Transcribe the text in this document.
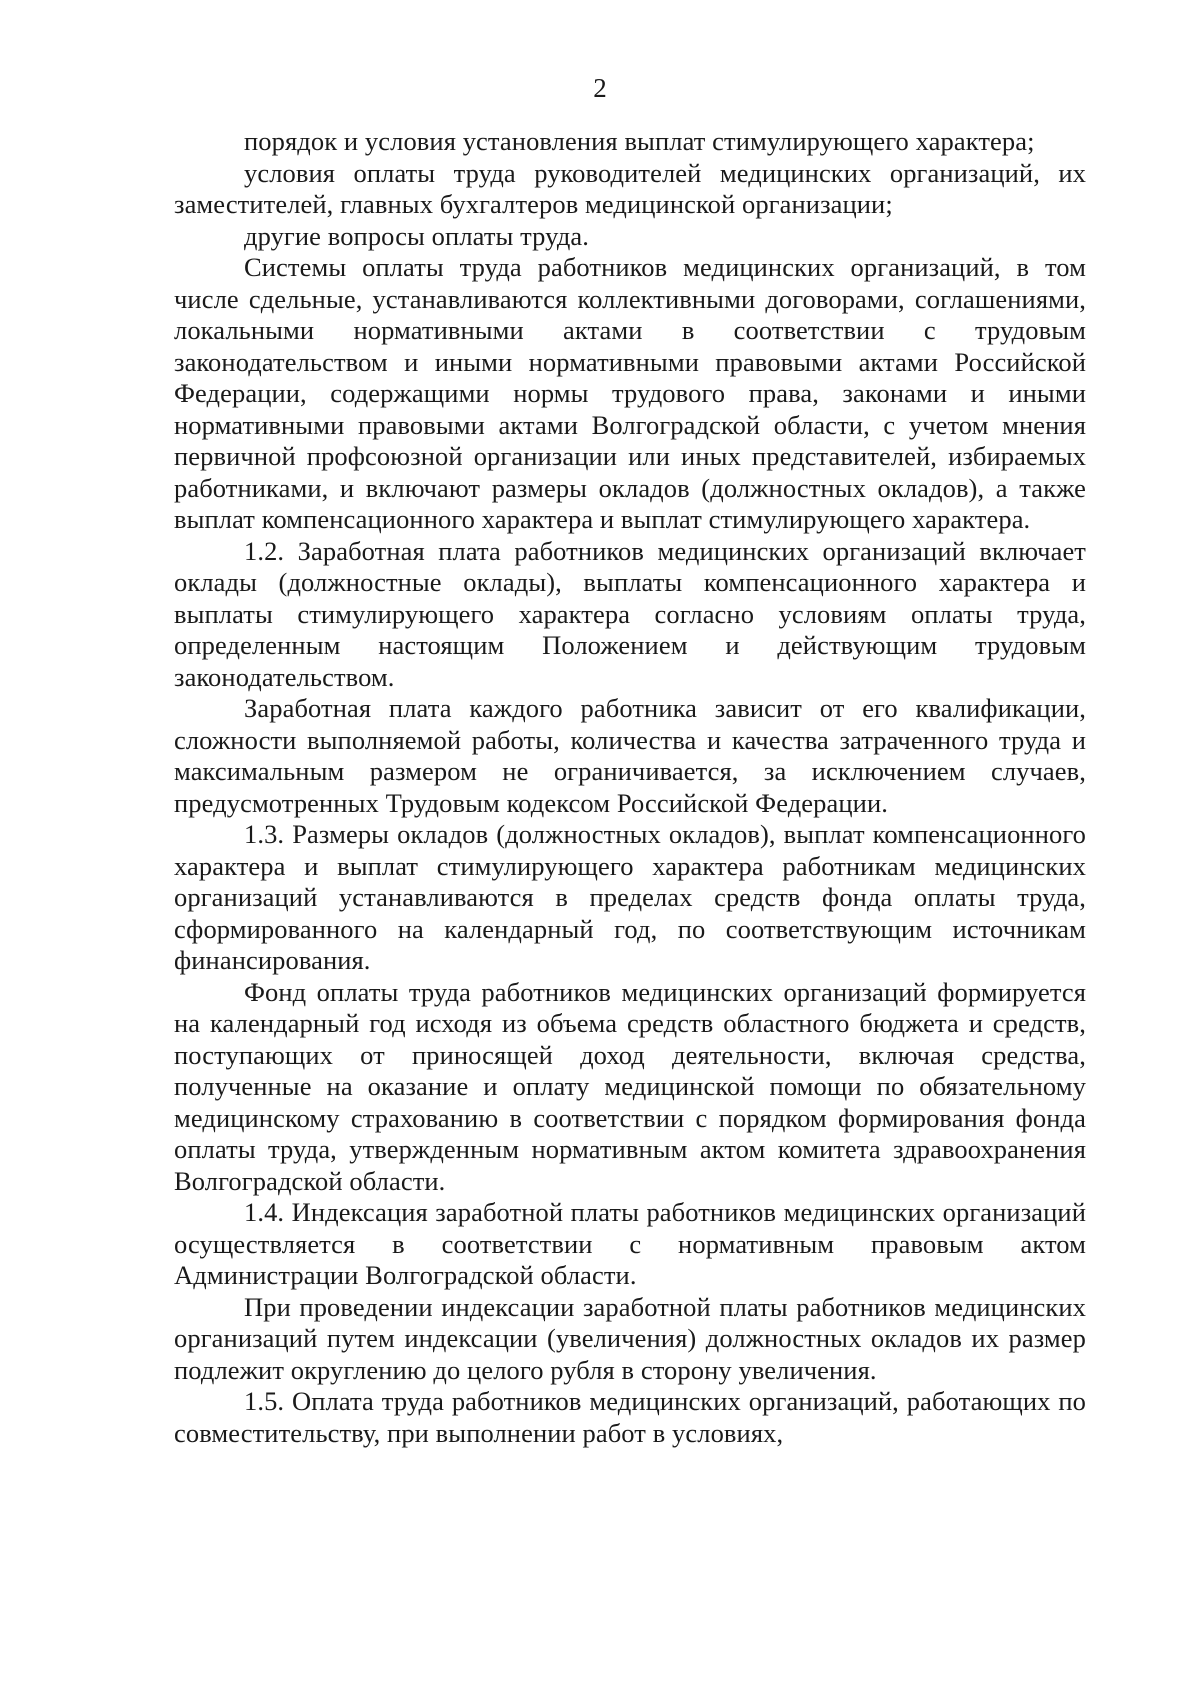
2

порядок и условия установления выплат стимулирующего характера;

условия оплаты труда руководителей медицинских организаций, их заместителей, главных бухгалтеров медицинской организации;

другие вопросы оплаты труда.

Системы оплаты труда работников медицинских организаций, в том числе сдельные, устанавливаются коллективными договорами, соглашениями, локальными нормативными актами в соответствии с трудовым законодательством и иными нормативными правовыми актами Российской Федерации, содержащими нормы трудового права, законами и иными нормативными правовыми актами Волгоградской области, с учетом мнения первичной профсоюзной организации или иных представителей, избираемых работниками, и включают размеры окладов (должностных окладов), а также выплат компенсационного характера и выплат стимулирующего характера.

1.2. Заработная плата работников медицинских организаций включает оклады (должностные оклады), выплаты компенсационного характера и выплаты стимулирующего характера согласно условиям оплаты труда, определенным настоящим Положением и действующим трудовым законодательством.

Заработная плата каждого работника зависит от его квалификации, сложности выполняемой работы, количества и качества затраченного труда и максимальным размером не ограничивается, за исключением случаев, предусмотренных Трудовым кодексом Российской Федерации.

1.3. Размеры окладов (должностных окладов), выплат компенсационного характера и выплат стимулирующего характера работникам медицинских организаций устанавливаются в пределах средств фонда оплаты труда, сформированного на календарный год, по соответствующим источникам финансирования.

Фонд оплаты труда работников медицинских организаций формируется на календарный год исходя из объема средств областного бюджета и средств, поступающих от приносящей доход деятельности, включая средства, полученные на оказание и оплату медицинской помощи по обязательному медицинскому страхованию в соответствии с порядком формирования фонда оплаты труда, утвержденным нормативным актом комитета здравоохранения Волгоградской области.

1.4. Индексация заработной платы работников медицинских организаций осуществляется в соответствии с нормативным правовым актом Администрации Волгоградской области.

При проведении индексации заработной платы работников медицинских организаций путем индексации (увеличения) должностных окладов их размер подлежит округлению до целого рубля в сторону увеличения.

1.5. Оплата труда работников медицинских организаций, работающих по совместительству, при выполнении работ в условиях,
